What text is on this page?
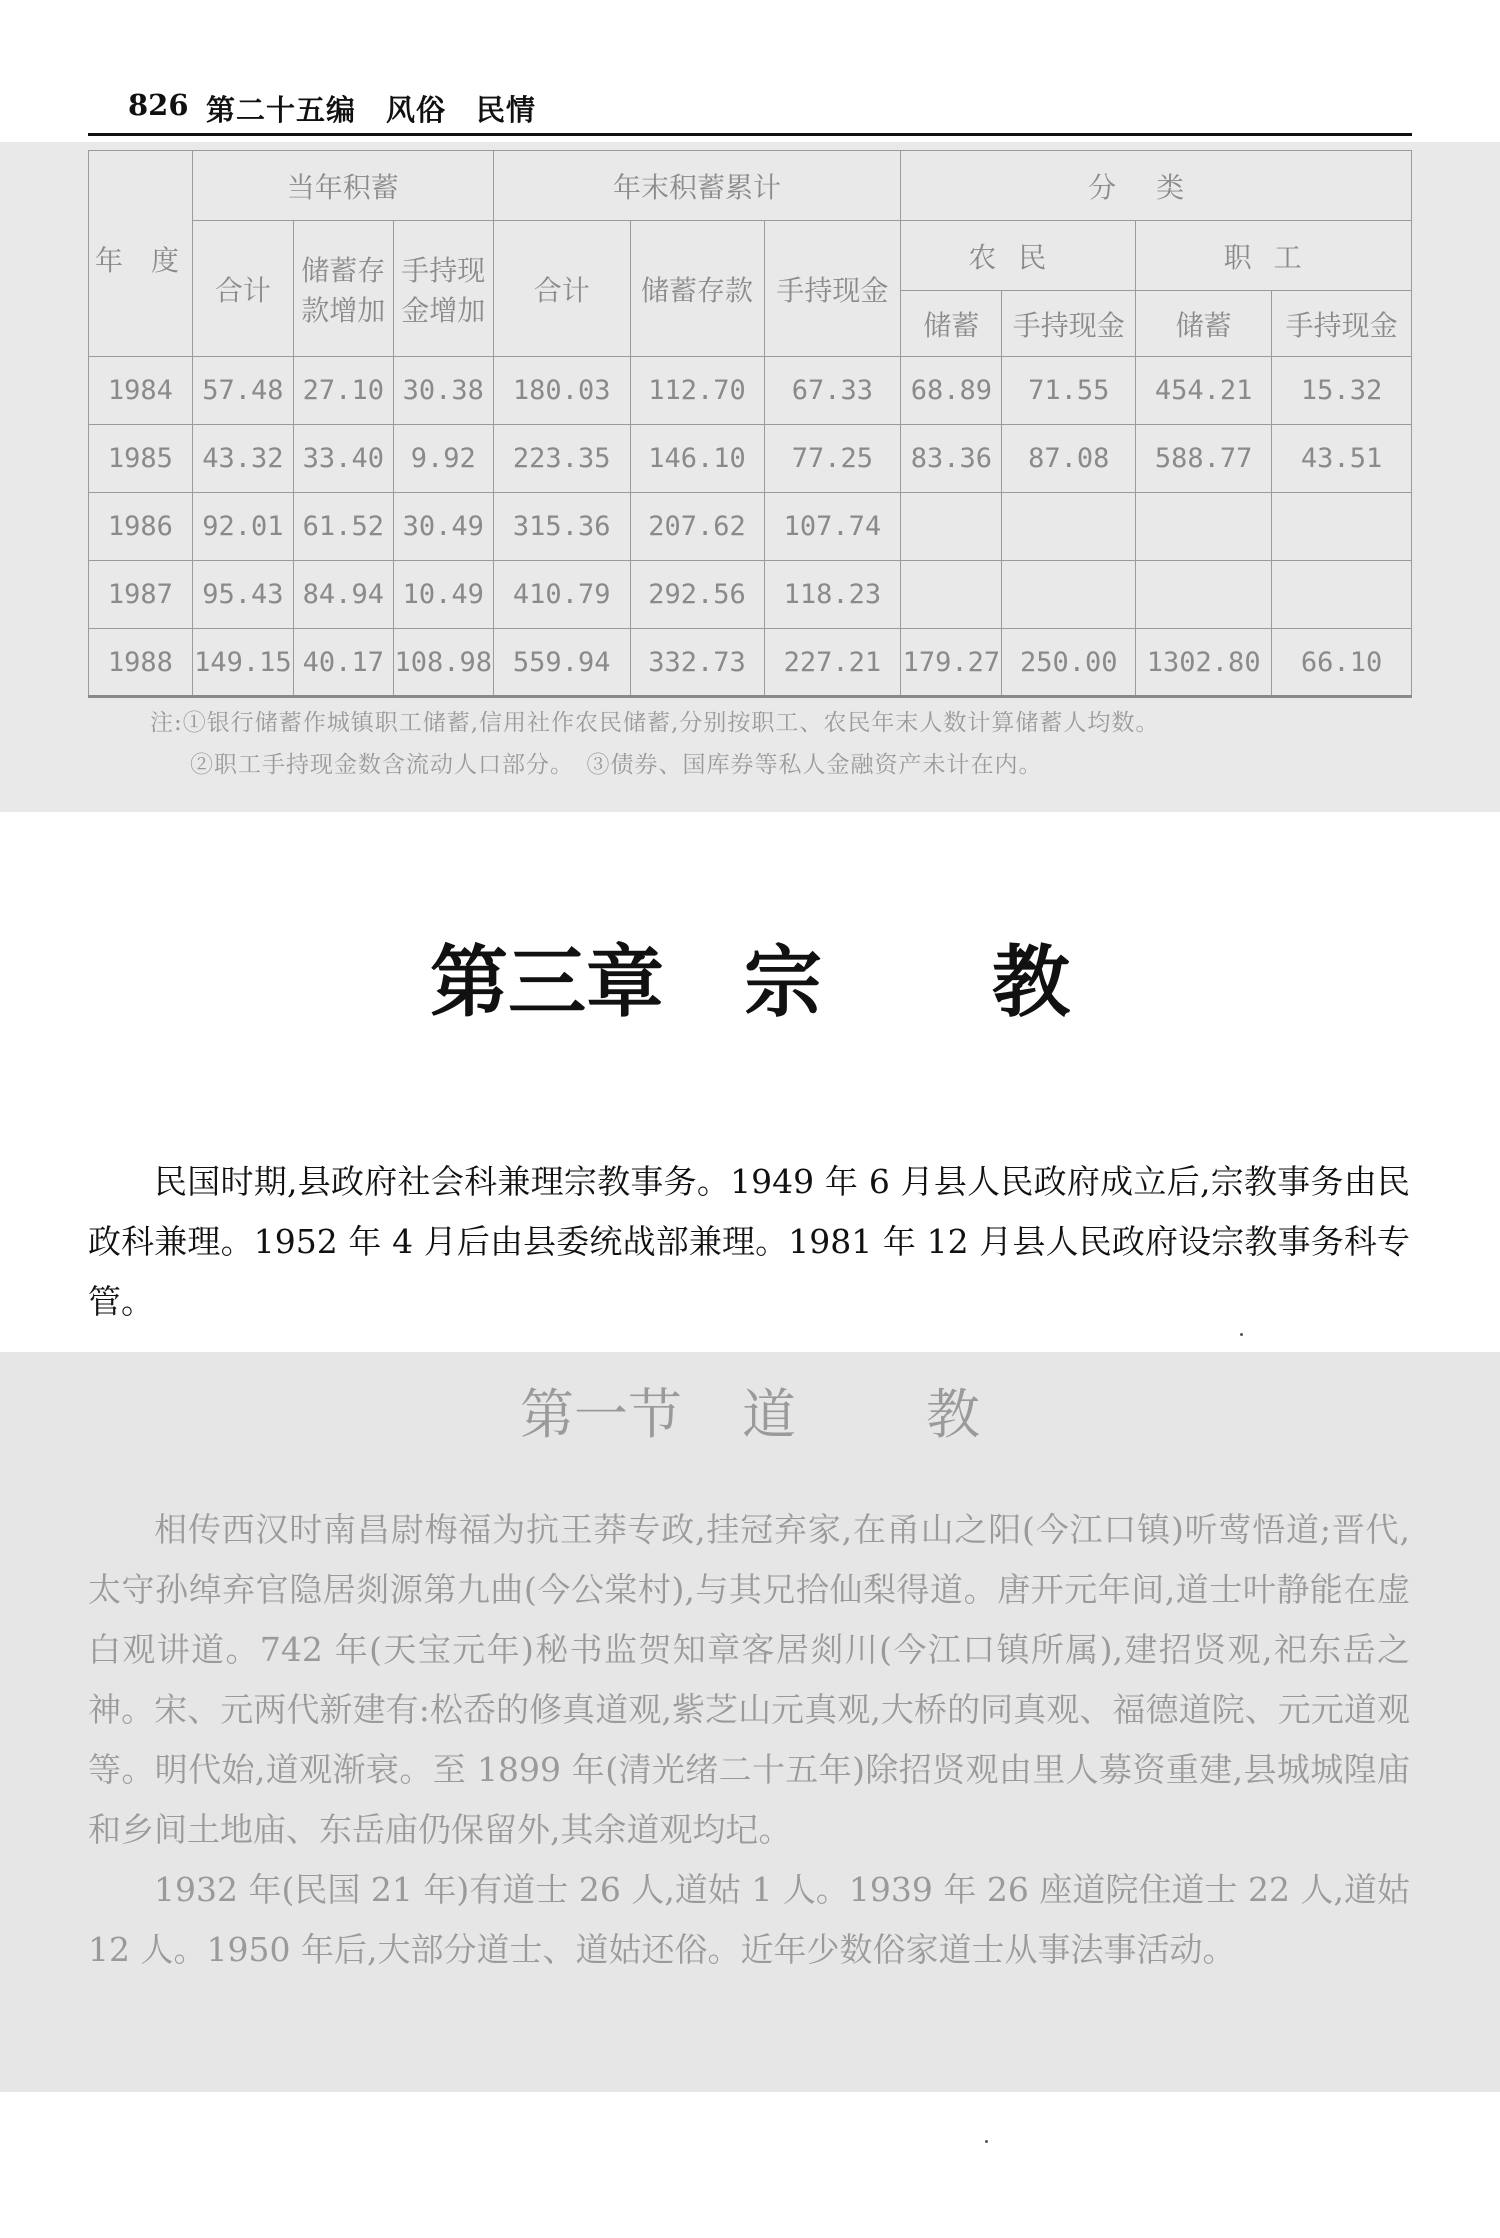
826 第二十五编　风俗　民情
年　度	当年积蓄			年末积蓄累计			分类			
	合计	储蓄存款增加	手持现金增加	合计	储蓄存款	手持现金	农民		职工	
							储蓄	手持现金	储蓄	手持现金
1984	57.48	27.10	30.38	180.03	112.70	67.33	68.89	71.55	454.21	15.32
1985	43.32	33.40	9.92	223.35	146.10	77.25	83.36	87.08	588.77	43.51
1986	92.01	61.52	30.49	315.36	207.62	107.74				
1987	95.43	84.94	10.49	410.79	292.56	118.23				
1988	149.15	40.17	108.98	559.94	332.73	227.21	179.27	250.00	1302.80	66.10
注:①银行储蓄作城镇职工储蓄,信用社作农民储蓄,分别按职工、农民年末人数计算储蓄人均数。
②职工手持现金数含流动人口部分。　③债券、国库券等私人金融资产未计在内。
第三章 宗 教

民国时期,县政府社会科兼理宗教事务。1949 年 6 月县人民政府成立后,宗教事务由民政科兼理。1952 年 4 月后由县委统战部兼理。1981 年 12 月县人民政府设宗教事务科专管。

第一节 道 教

相传西汉时南昌尉梅福为抗王莽专政,挂冠弃家,在甬山之阳(今江口镇)听莺悟道;晋代,太守孙绰弃官隐居剡源第九曲(今公棠村),与其兄拾仙梨得道。唐开元年间,道士叶静能在虚白观讲道。742 年(天宝元年)秘书监贺知章客居剡川(今江口镇所属),建招贤观,祀东岳之神。宋、元两代新建有:松岙的修真道观,紫芝山元真观,大桥的同真观、福德道院、元元道观等。明代始,道观渐衰。至 1899 年(清光绪二十五年)除招贤观由里人募资重建,县城城隍庙和乡间土地庙、东岳庙仍保留外,其余道观均圮。

1932 年(民国 21 年)有道士 26 人,道姑 1 人。1939 年 26 座道院住道士 22 人,道姑 12 人。1950 年后,大部分道士、道姑还俗。近年少数俗家道士从事法事活动。
